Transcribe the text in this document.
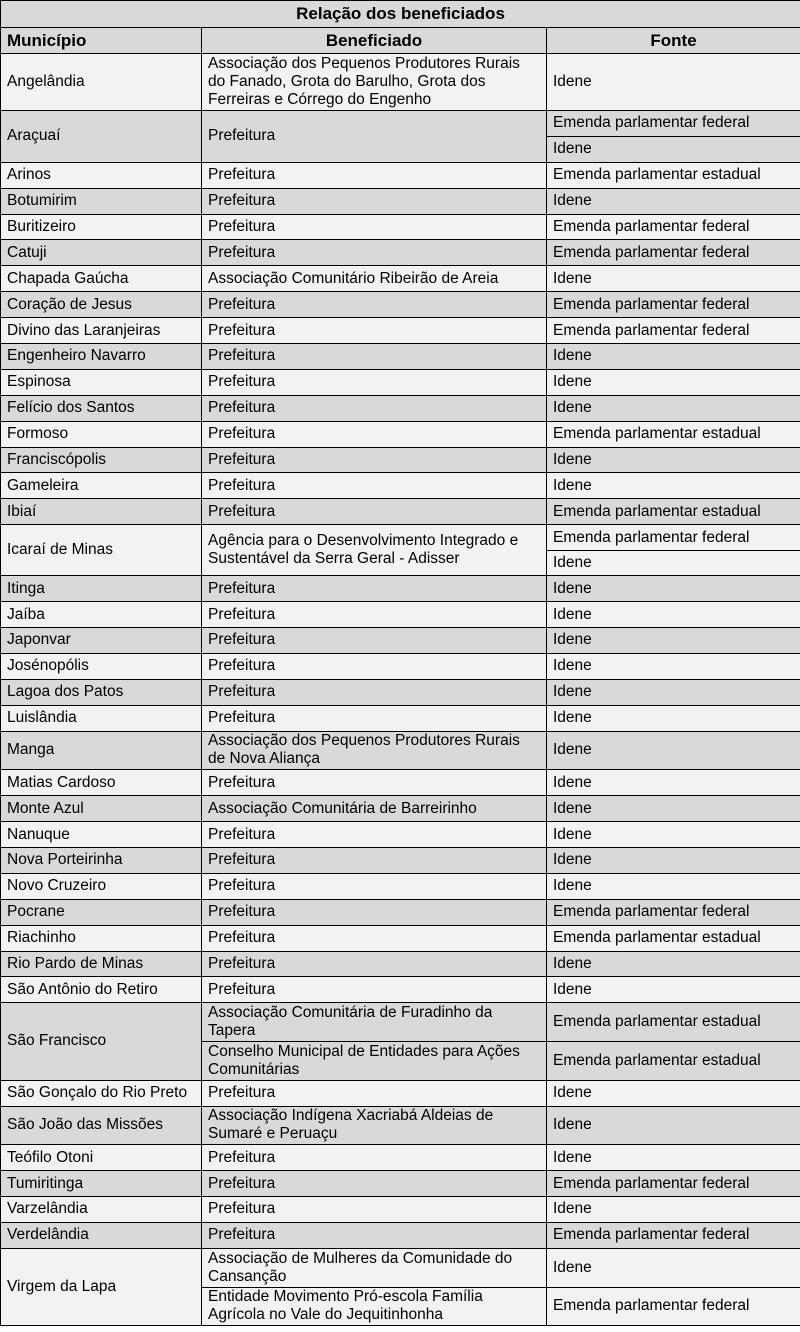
Relação dos beneficiados		
Município	Beneficiado	Fonte
Angelândia	Associação dos Pequenos Produtores Rurais do Fanado, Grota do Barulho, Grota dos Ferreiras e Córrego do Engenho	Idene
Araçuaí	Prefeitura	Emenda parlamentar federal
		Idene
Arinos	Prefeitura	Emenda parlamentar estadual
Botumirim	Prefeitura	Idene
Buritizeiro	Prefeitura	Emenda parlamentar federal
Catuji	Prefeitura	Emenda parlamentar federal
Chapada Gaúcha	Associação Comunitário Ribeirão de Areia	Idene
Coração de Jesus	Prefeitura	Emenda parlamentar federal
Divino das Laranjeiras	Prefeitura	Emenda parlamentar federal
Engenheiro Navarro	Prefeitura	Idene
Espinosa	Prefeitura	Idene
Felício dos Santos	Prefeitura	Idene
Formoso	Prefeitura	Emenda parlamentar estadual
Franciscópolis	Prefeitura	Idene
Gameleira	Prefeitura	Idene
Ibiaí	Prefeitura	Emenda parlamentar estadual
Icaraí de Minas	Agência para o Desenvolvimento Integrado e Sustentável da Serra Geral - Adisser	Emenda parlamentar federal
		Idene
Itinga	Prefeitura	Idene
Jaíba	Prefeitura	Idene
Japonvar	Prefeitura	Idene
Josénopólis	Prefeitura	Idene
Lagoa dos Patos	Prefeitura	Idene
Luislândia	Prefeitura	Idene
Manga	Associação dos Pequenos Produtores Rurais de Nova Aliança	Idene
Matias Cardoso	Prefeitura	Idene
Monte Azul	Associação Comunitária de Barreirinho	Idene
Nanuque	Prefeitura	Idene
Nova Porteirinha	Prefeitura	Idene
Novo Cruzeiro	Prefeitura	Idene
Pocrane	Prefeitura	Emenda parlamentar federal
Riachinho	Prefeitura	Emenda parlamentar estadual
Rio Pardo de Minas	Prefeitura	Idene
São Antônio do Retiro	Prefeitura	Idene
São Francisco	Associação Comunitária de Furadinho da Tapera	Emenda parlamentar estadual
	Conselho Municipal de Entidades para Ações Comunitárias	Emenda parlamentar estadual
São Gonçalo do Rio Preto	Prefeitura	Idene
São João das Missões	Associação Indígena Xacriabá Aldeias de Sumaré e Peruaçu	Idene
Teófilo Otoni	Prefeitura	Idene
Tumiritinga	Prefeitura	Emenda parlamentar federal
Varzelândia	Prefeitura	Idene
Verdelândia	Prefeitura	Emenda parlamentar federal
Virgem da Lapa	Associação de Mulheres da Comunidade do Cansanção	Idene
	Entidade Movimento Pró-escola Família Agrícola no Vale do Jequitinhonha	Emenda parlamentar federal
